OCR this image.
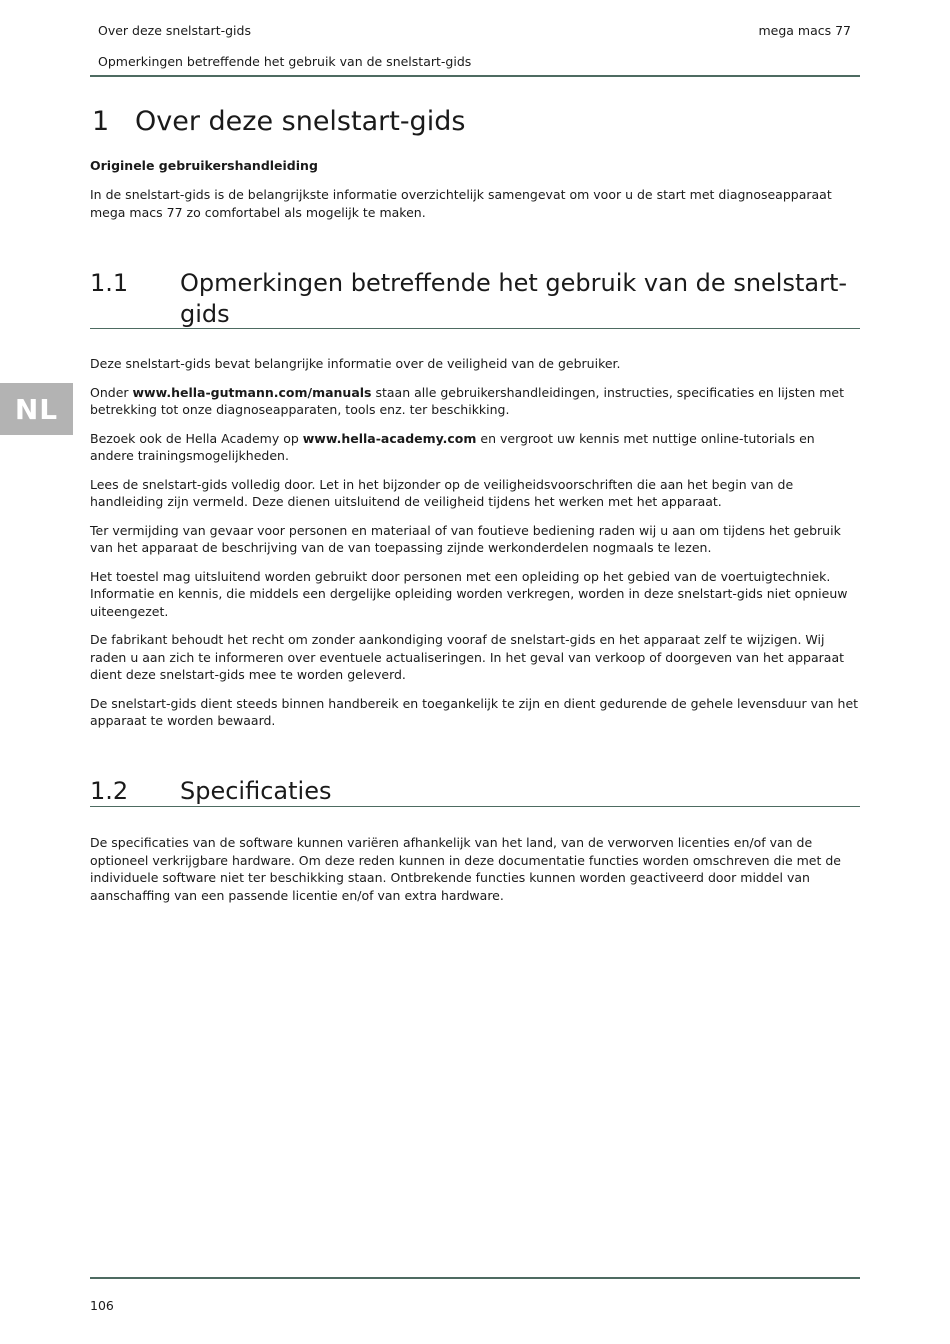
Over deze snelstart-gids	mega macs 77
Opmerkingen betreffende het gebruik van de snelstart-gids
NL
1 Over deze snelstart-gids
Originele gebruikershandleiding

In de snelstart-gids is de belangrijkste informatie overzichtelijk samengevat om voor u de start met diagnoseapparaat mega macs 77 zo comfortabel als mogelijk te maken.

1.1	Opmerkingen betreffende het gebruik van de snelstart-gids

Deze snelstart-gids bevat belangrijke informatie over de veiligheid van de gebruiker.

Onder www.hella-gutmann.com/manuals staan alle gebruikershandleidingen, instructies, specificaties en lijsten met betrekking tot onze diagnoseapparaten, tools enz. ter beschikking.

Bezoek ook de Hella Academy op www.hella-academy.com en vergroot uw kennis met nuttige online-tutorials en andere trainingsmogelijkheden.

Lees de snelstart-gids volledig door. Let in het bijzonder op de veiligheidsvoorschriften die aan het begin van de handleiding zijn vermeld. Deze dienen uitsluitend de veiligheid tijdens het werken met het apparaat.

Ter vermijding van gevaar voor personen en materiaal of van foutieve bediening raden wij u aan om tijdens het gebruik van het apparaat de beschrijving van de van toepassing zijnde werkonderdelen nogmaals te lezen.

Het toestel mag uitsluitend worden gebruikt door personen met een opleiding op het gebied van de voertuigtechniek. Informatie en kennis, die middels een dergelijke opleiding worden verkregen, worden in deze snelstart-gids niet opnieuw uiteengezet.

De fabrikant behoudt het recht om zonder aankondiging vooraf de snelstart-gids en het apparaat zelf te wijzigen. Wij raden u aan zich te informeren over eventuele actualiseringen. In het geval van verkoop of doorgeven van het apparaat dient deze snelstart-gids mee te worden geleverd.

De snelstart-gids dient steeds binnen handbereik en toegankelijk te zijn en dient gedurende de gehele levensduur van het apparaat te worden bewaard.

1.2	Specificaties

De specificaties van de software kunnen variëren afhankelijk van het land, van de verworven licenties en/of van de optioneel verkrijgbare hardware. Om deze reden kunnen in deze documentatie functies worden omschreven die met de individuele software niet ter beschikking staan. Ontbrekende functies kunnen worden geactiveerd door middel van aanschaffing van een passende licentie en/of van extra hardware.

106
